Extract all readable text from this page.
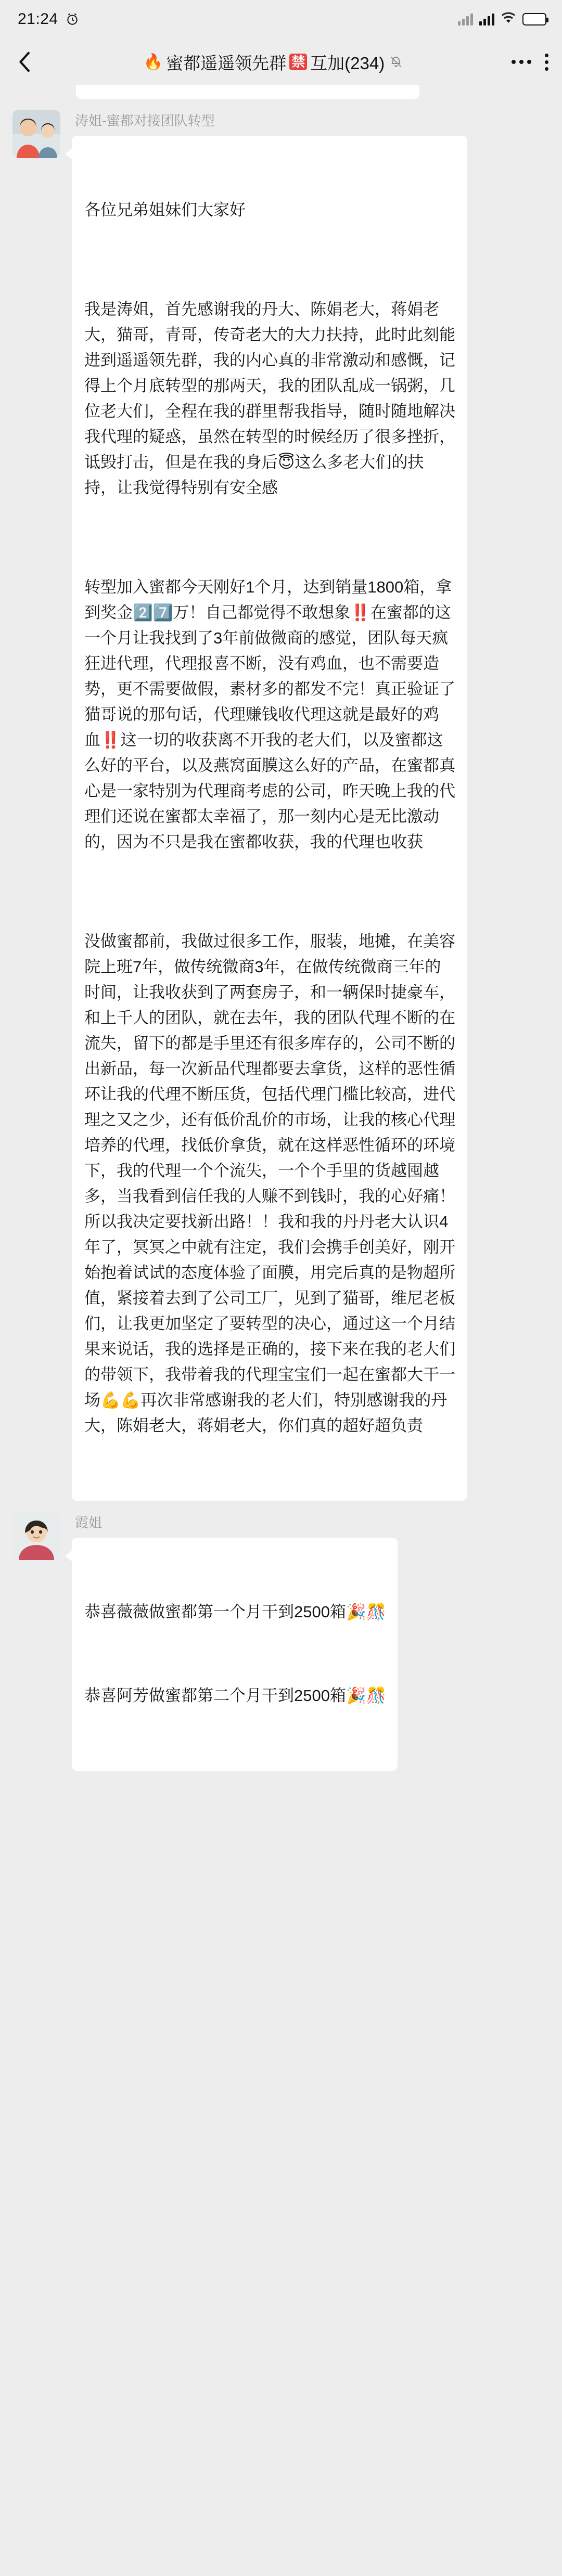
21:24
🔥 蜜都遥遥领先群 禁 互加(234)
涛姐-蜜都对接团队转型

各位兄弟姐妹们大家好

我是涛姐，首先感谢我的丹大、陈娟老大，蒋娟老大，猫哥，青哥，传奇老大的大力扶持，此时此刻能进到遥遥领先群，我的内心真的非常激动和感慨，记得上个月底转型的那两天，我的团队乱成一锅粥，几位老大们，全程在我的群里帮我指导，随时随地解决我代理的疑惑，虽然在转型的时候经历了很多挫折，诋毁打击，但是在我的身后😇这么多老大们的扶持，让我觉得特别有安全感

转型加入蜜都今天刚好1个月，达到销量1800箱，拿到奖金2️⃣7️⃣万！自己都觉得不敢想象‼️在蜜都的这一个月让我找到了3年前做微商的感觉，团队每天疯狂进代理，代理报喜不断，没有鸡血，也不需要造势，更不需要做假，素材多的都发不完！真正验证了猫哥说的那句话，代理赚钱收代理这就是最好的鸡血‼️这一切的收获离不开我的老大们，以及蜜都这么好的平台，以及燕窝面膜这么好的产品，在蜜都真心是一家特别为代理商考虑的公司，昨天晚上我的代理们还说在蜜都太幸福了，那一刻内心是无比激动的，因为不只是我在蜜都收获，我的代理也收获

没做蜜都前，我做过很多工作，服装，地摊，在美容院上班7年，做传统微商3年，在做传统微商三年的时间，让我收获到了两套房子，和一辆保时捷豪车，和上千人的团队，就在去年，我的团队代理不断的在流失，留下的都是手里还有很多库存的，公司不断的出新品，每一次新品代理都要去拿货，这样的恶性循环让我的代理不断压货，包括代理门槛比较高，进代理之又之少，还有低价乱价的市场，让我的核心代理培养的代理，找低价拿货，就在这样恶性循环的环境下，我的代理一个个流失，一个个手里的货越囤越多，当我看到信任我的人赚不到钱时，我的心好痛！所以我决定要找新出路！！我和我的丹丹老大认识4年了，冥冥之中就有注定，我们会携手创美好，刚开始抱着试试的态度体验了面膜，用完后真的是物超所值，紧接着去到了公司工厂，见到了猫哥，维尼老板们，让我更加坚定了要转型的决心，通过这一个月结果来说话，我的选择是正确的，接下来在我的老大们的带领下，我带着我的代理宝宝们一起在蜜都大干一场💪💪再次非常感谢我的老大们，特别感谢我的丹大，陈娟老大，蒋娟老大，你们真的超好超负责

霞姐

恭喜薇薇做蜜都第一个月干到2500箱🎉🎊

恭喜阿芳做蜜都第二个月干到2500箱🎉🎊
